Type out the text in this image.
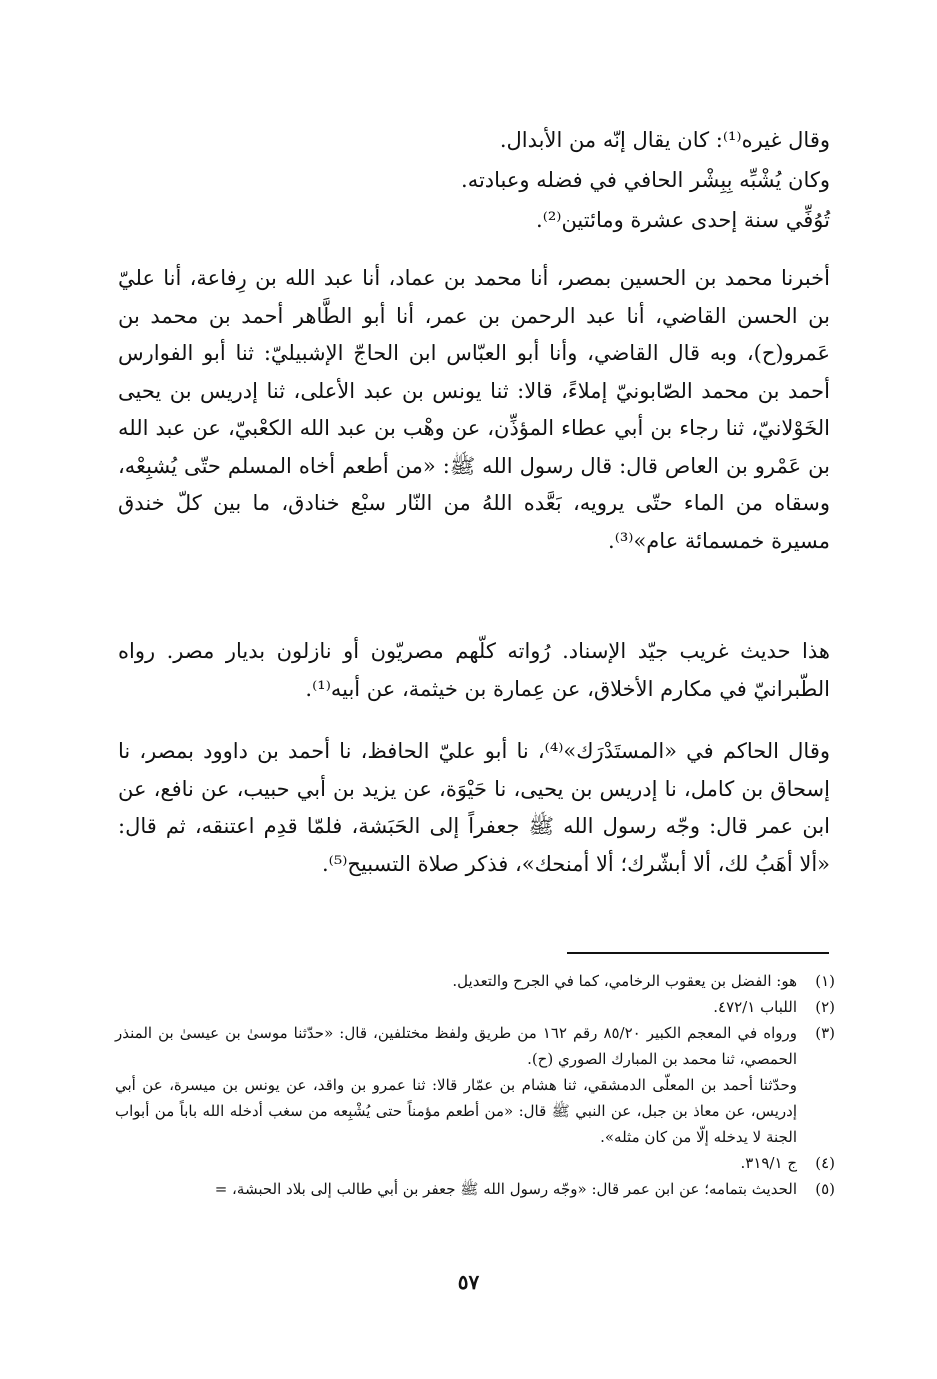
وقال غيره⁽¹⁾: كان يقال إنّه من الأبدال.
وكان يُشْبِّه بِبِشْر الحافي في فضله وعبادته.
تُوُفِّي سنة إحدى عشرة ومائتين⁽²⁾.

أخبرنا محمد بن الحسين بمصر، أنا محمد بن عماد، أنا عبد الله بن رِفاعة، أنا عليّ بن الحسن القاضي، أنا عبد الرحمن بن عمر، أنا أبو الطَّاهر أحمد بن محمد بن عَمرو(ح)، وبه قال القاضي، وأنا أبو العبّاس ابن الحاجّ الإشبيليّ: ثنا أبو الفوارس أحمد بن محمد الصّابونيّ إملاءً، قالا: ثنا يونس بن عبد الأعلى، ثنا إدريس بن يحيى الخَوْلانيّ، ثنا رجاء بن أبي عطاء المؤذِّن، عن وهْب بن عبد الله الكعْبيّ، عن عبد الله بن عَمْرو بن العاص قال: قال رسول الله ﷺ: «من أطعم أخاه المسلم حتّى يُشبِعْه، وسقاه من الماء حتّى يرويه، بَعَّده اللهُ من النّار سبْع خنادق، ما بين كلّ خندق مسيرة خمسمائة عام»⁽³⁾.

هذا حديث غريب جيّد الإسناد. رُواته كلّهم مصريّون أو نازلون بديار مصر. رواه الطّبرانيّ في مكارم الأخلاق، عن عِمارة بن خيثمة، عن أبيه⁽¹⁾.

وقال الحاكم في «المستَدْرَك»⁽⁴⁾، نا أبو عليّ الحافظ، نا أحمد بن داوود بمصر، نا إسحاق بن كامل، نا إدريس بن يحيى، نا حَيْوَة، عن يزيد بن أبي حبيب، عن نافع، عن ابن عمر قال: وجّه رسول الله ﷺ جعفراً إلى الحَبَشة، فلمّا قدِم اعتنقه، ثم قال: «ألا أهَبُ لك، ألا أبشّرك؛ ألا أمنحك»، فذكر صلاة التسبيح⁽⁵⁾.

(١)
هو: الفضل بن يعقوب الرخامي، كما في الجرح والتعديل.
(٢)
اللباب ٤٧٢/١.
(٣)
ورواه في المعجم الكبير ٨٥/٢٠ رقم ١٦٢ من طريق ولفظ مختلفين، قال: «حدّثنا موسىٰ بن عيسىٰ بن المنذر الحمصي، ثنا محمد بن المبارك الصوري (ح).
وحدّثنا أحمد بن المعلّى الدمشقي، ثنا هشام بن عمّار قالا: ثنا عمرو بن واقد، عن يونس بن ميسرة، عن أبي إدريس، عن معاذ بن جبل، عن النبي ﷺ قال: «من أطعم مؤمناً حتى يُشْبِعه من سغب أدخله الله باباً من أبواب الجنة لا يدخله إلّا من كان مثله».
(٤)
ج ٣١٩/١.
(٥)
الحديث بتمامه؛ عن ابن عمر قال: «وجّه رسول الله ﷺ جعفر بن أبي طالب إلى بلاد الحبشة، =
٥٧
